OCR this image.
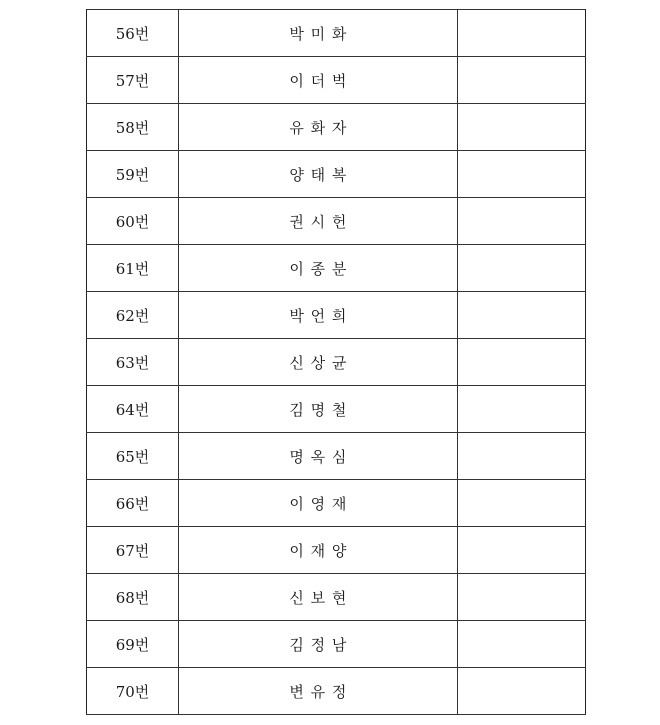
56번	박미화	
57번	이더벅	
58번	유화자	
59번	양태복	
60번	권시헌	
61번	이종분	
62번	박언희	
63번	신상균	
64번	김명철	
65번	명옥심	
66번	이영재	
67번	이재양	
68번	신보현	
69번	김정남	
70번	변유정	
